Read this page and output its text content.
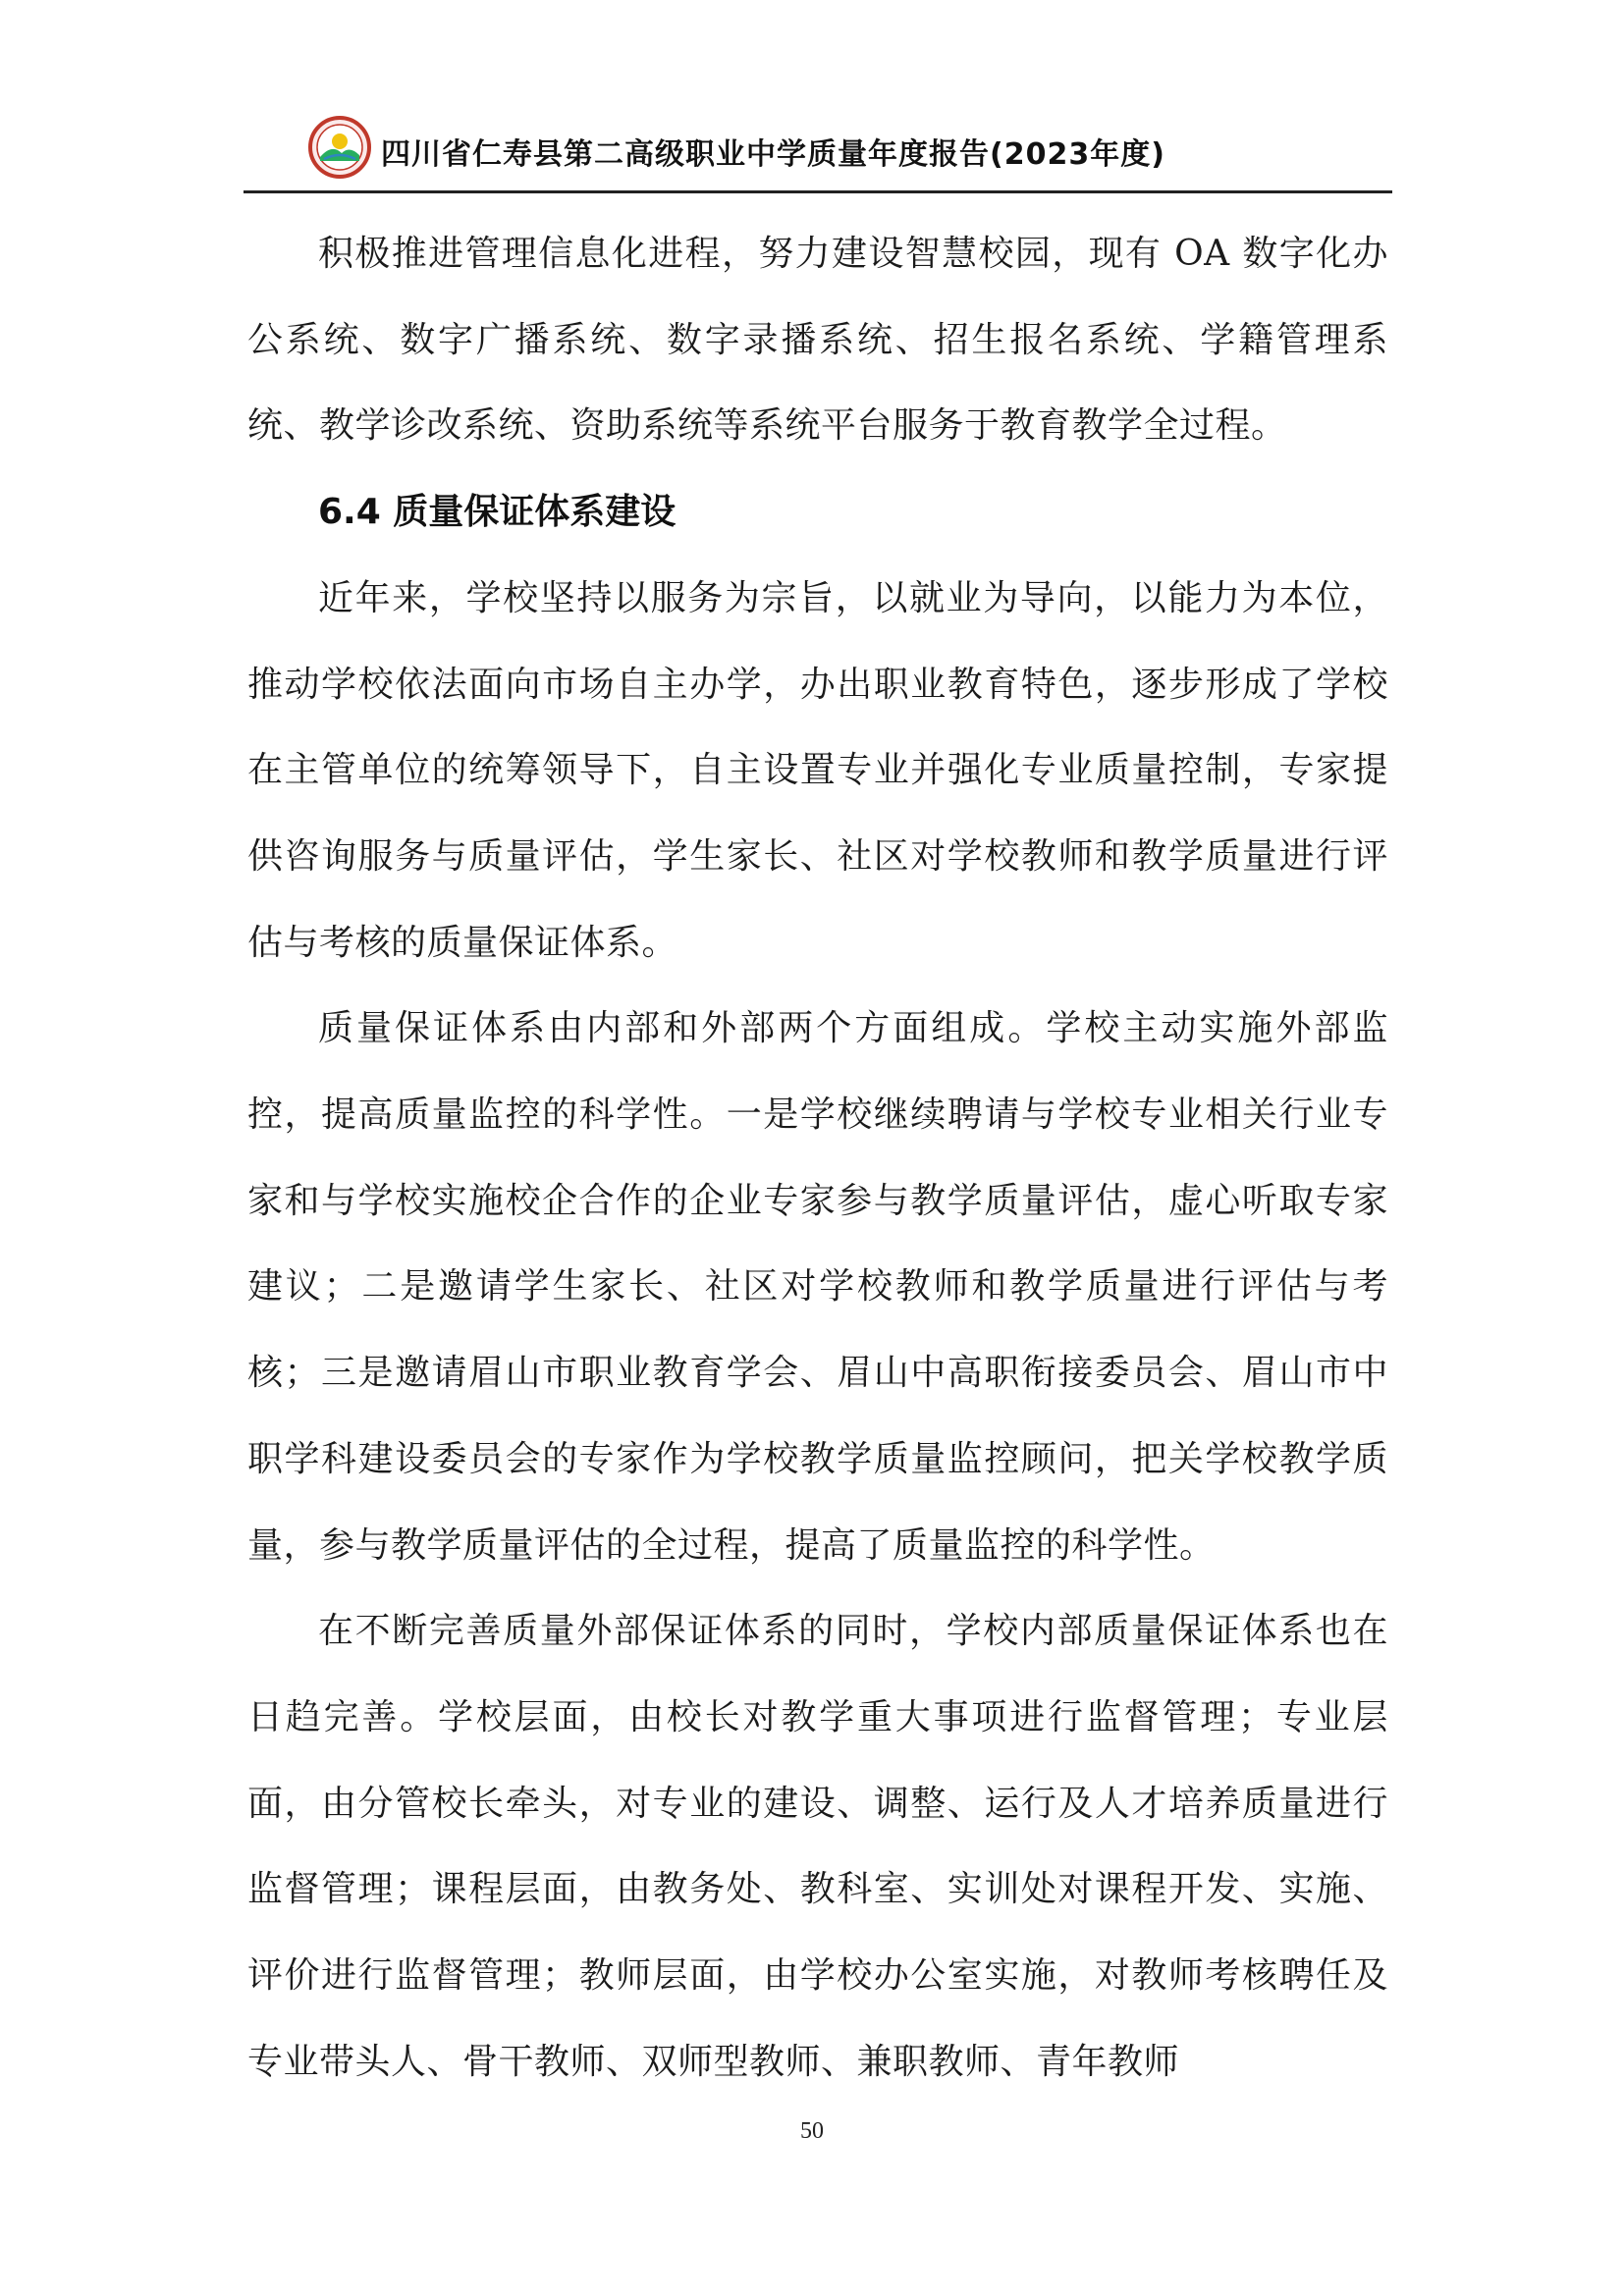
四川省仁寿县第二高级职业中学质量年度报告(2023年度)

积极推进管理信息化进程，努力建设智慧校园，现有 OA 数字化办公系统、数字广播系统、数字录播系统、招生报名系统、学籍管理系统、教学诊改系统、资助系统等系统平台服务于教育教学全过程。

6.4 质量保证体系建设

近年来，学校坚持以服务为宗旨，以就业为导向，以能力为本位，推动学校依法面向市场自主办学，办出职业教育特色，逐步形成了学校在主管单位的统筹领导下，自主设置专业并强化专业质量控制，专家提供咨询服务与质量评估，学生家长、社区对学校教师和教学质量进行评估与考核的质量保证体系。

质量保证体系由内部和外部两个方面组成。学校主动实施外部监控，提高质量监控的科学性。一是学校继续聘请与学校专业相关行业专家和与学校实施校企合作的企业专家参与教学质量评估，虚心听取专家建议；二是邀请学生家长、社区对学校教师和教学质量进行评估与考核；三是邀请眉山市职业教育学会、眉山中高职衔接委员会、眉山市中职学科建设委员会的专家作为学校教学质量监控顾问，把关学校教学质量，参与教学质量评估的全过程，提高了质量监控的科学性。

在不断完善质量外部保证体系的同时，学校内部质量保证体系也在日趋完善。学校层面，由校长对教学重大事项进行监督管理；专业层面，由分管校长牵头，对专业的建设、调整、运行及人才培养质量进行监督管理；课程层面，由教务处、教科室、实训处对课程开发、实施、评价进行监督管理；教师层面，由学校办公室实施，对教师考核聘任及专业带头人、骨干教师、双师型教师、兼职教师、青年教师

50
